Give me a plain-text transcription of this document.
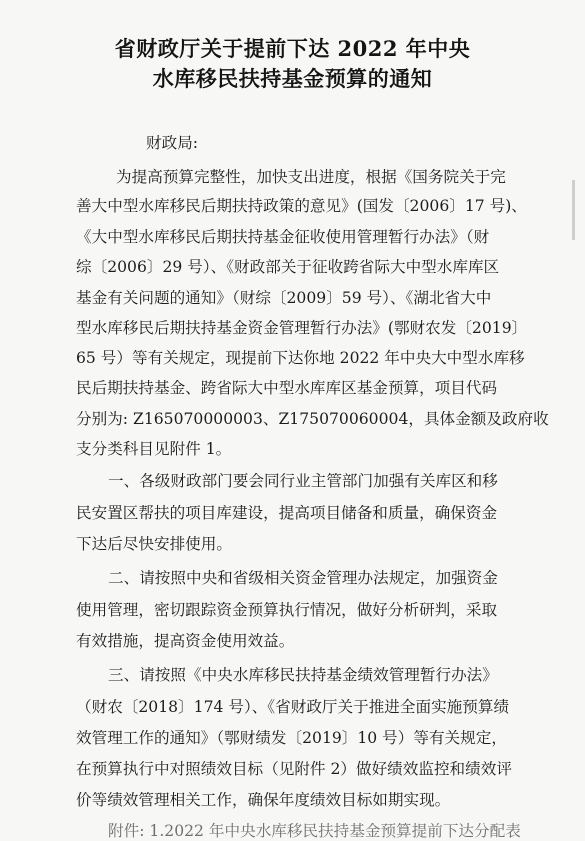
省财政厅关于提前下达 2022 年中央
水库移民扶持基金预算的通知
财政局:
为提高预算完整性，加快支出进度，根据《国务院关于完
善大中型水库移民后期扶持政策的意见》(国发〔2006〕17 号)、
《大中型水库移民后期扶持基金征收使用管理暂行办法》（财
综〔2006〕29 号）、《财政部关于征收跨省际大中型水库库区
基金有关问题的通知》（财综〔2009〕59 号）、《湖北省大中
型水库移民后期扶持基金资金管理暂行办法》(鄂财农发〔2019〕
65 号）等有关规定，现提前下达你地 2022 年中央大中型水库移
民后期扶持基金、跨省际大中型水库库区基金预算，项目代码
分别为: Z165070000003、Z175070060004，具体金额及政府收
支分类科目见附件 1。
一、各级财政部门要会同行业主管部门加强有关库区和移
民安置区帮扶的项目库建设，提高项目储备和质量，确保资金
下达后尽快安排使用。
二、请按照中央和省级相关资金管理办法规定，加强资金
使用管理，密切跟踪资金预算执行情况，做好分析研判，采取
有效措施，提高资金使用效益。
三、请按照《中央水库移民扶持基金绩效管理暂行办法》
（财农〔2018〕174 号）、《省财政厅关于推进全面实施预算绩
效管理工作的通知》（鄂财绩发〔2019〕10 号）等有关规定，
在预算执行中对照绩效目标（见附件 2）做好绩效监控和绩效评
价等绩效管理相关工作，确保年度绩效目标如期实现。
附件: 1.2022 年中央水库移民扶持基金预算提前下达分配表
